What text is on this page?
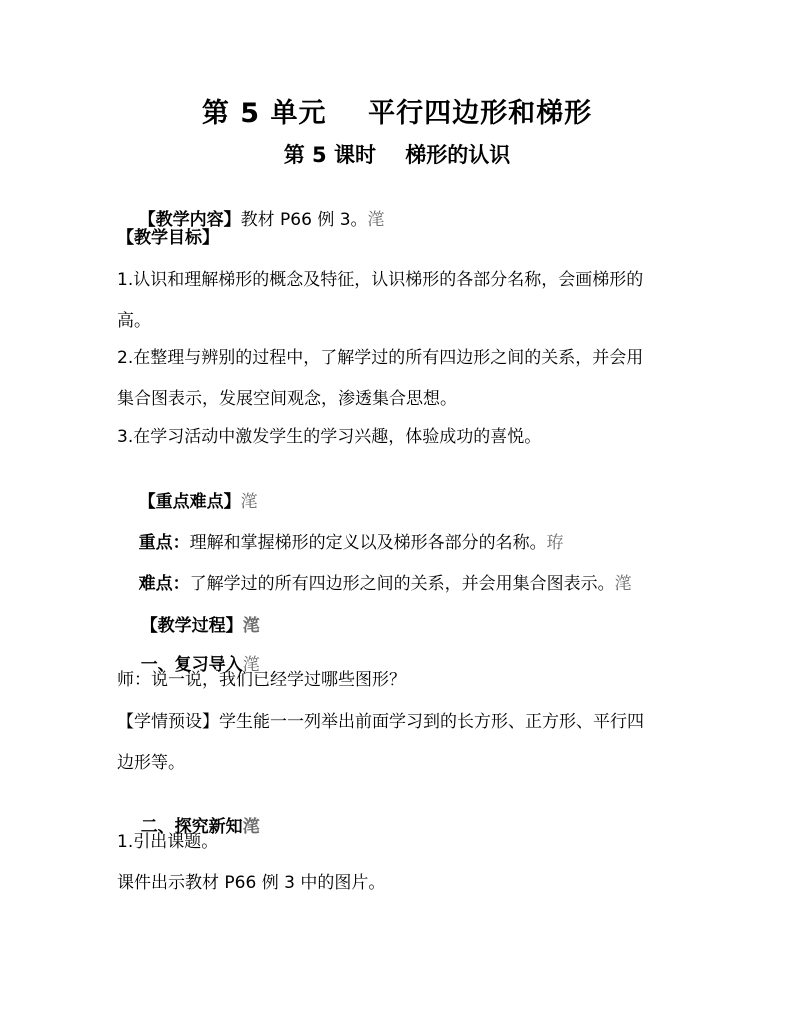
第 5 单元    平行四边形和梯形
第 5 课时    梯形的认识

【教学内容】教材 P66 例 3。滗

【教学目标】
1.认识和理解梯形的概念及特征，认识梯形的各部分名称，会画梯形的
高。
2.在整理与辨别的过程中，了解学过的所有四边形之间的关系，并会用
集合图表示，发展空间观念，渗透集合思想。
3.在学习活动中激发学生的学习兴趣，体验成功的喜悦。

【重点难点】滗

重点：理解和掌握梯形的定义以及梯形各部分的名称。珔

难点：了解学过的所有四边形之间的关系，并会用集合图表示。滗

【教学过程】滗

一、复习导入滗

师：说一说，我们已经学过哪些图形？
【学情预设】学生能一一列举出前面学习到的长方形、正方形、平行四
边形等。

二、探究新知滗

1.引出课题。
课件出示教材 P66 例 3 中的图片。
